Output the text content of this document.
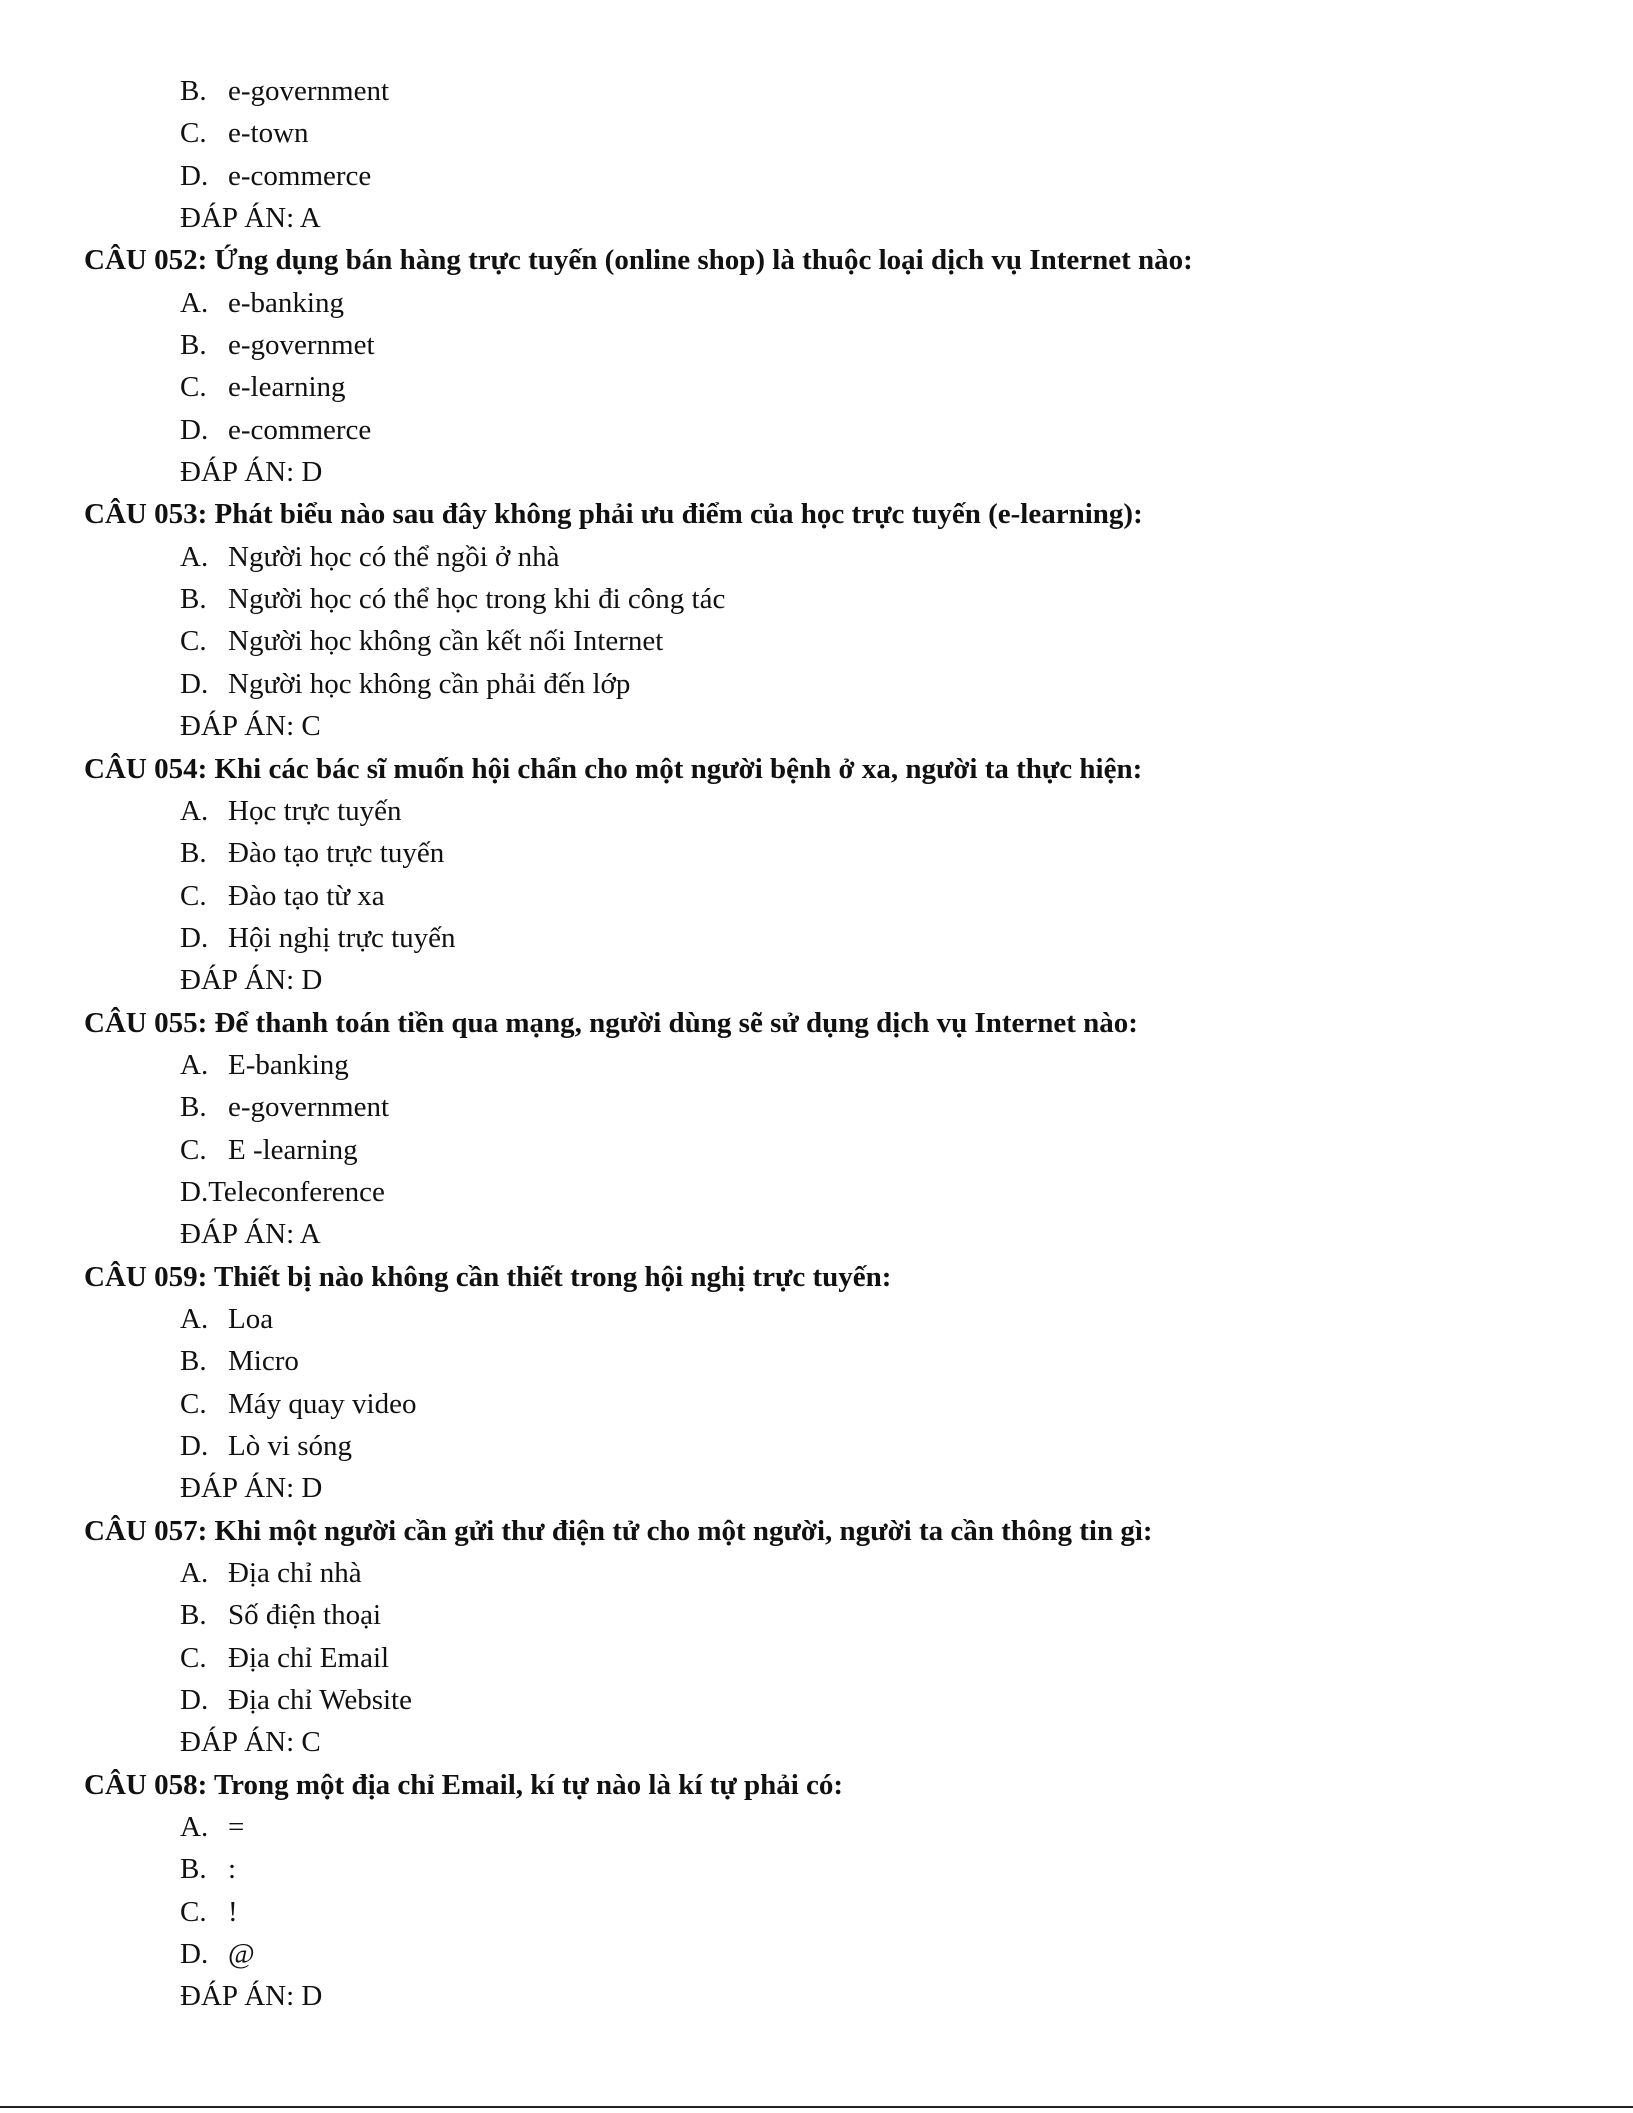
B. e-government
C. e-town
D. e-commerce
ĐÁP ÁN: A
CÂU 052: Ứng dụng bán hàng trực tuyến (online shop) là thuộc loại dịch vụ Internet nào:
A. e-banking
B. e-governmet
C. e-learning
D. e-commerce
ĐÁP ÁN: D
CÂU 053: Phát biểu nào sau đây không phải ưu điểm của học trực tuyến (e-learning):
A. Người học có thể ngồi ở nhà
B. Người học có thể học trong khi đi công tác
C. Người học không cần kết nối Internet
D. Người học không cần phải đến lớp
ĐÁP ÁN: C
CÂU 054: Khi các bác sĩ muốn hội chẩn cho một người bệnh ở xa, người ta thực hiện:
A. Học trực tuyến
B. Đào tạo trực tuyến
C. Đào tạo từ xa
D. Hội nghị trực tuyến
ĐÁP ÁN: D
CÂU 055: Để thanh toán tiền qua mạng, người dùng sẽ sử dụng dịch vụ Internet nào:
A. E-banking
B. e-government
C. E -learning
D.Teleconference
ĐÁP ÁN: A
CÂU 059: Thiết bị nào không cần thiết trong hội nghị trực tuyến:
A. Loa
B. Micro
C. Máy quay video
D. Lò vi sóng
ĐÁP ÁN: D
CÂU 057: Khi một người cần gửi thư điện tử cho một người, người ta cần thông tin gì:
A. Địa chỉ nhà
B. Số điện thoại
C. Địa chỉ Email
D. Địa chỉ Website
ĐÁP ÁN: C
CÂU 058: Trong một địa chỉ Email, kí tự nào là kí tự phải có:
A. =
B. :
C. !
D. @
ĐÁP ÁN: D
